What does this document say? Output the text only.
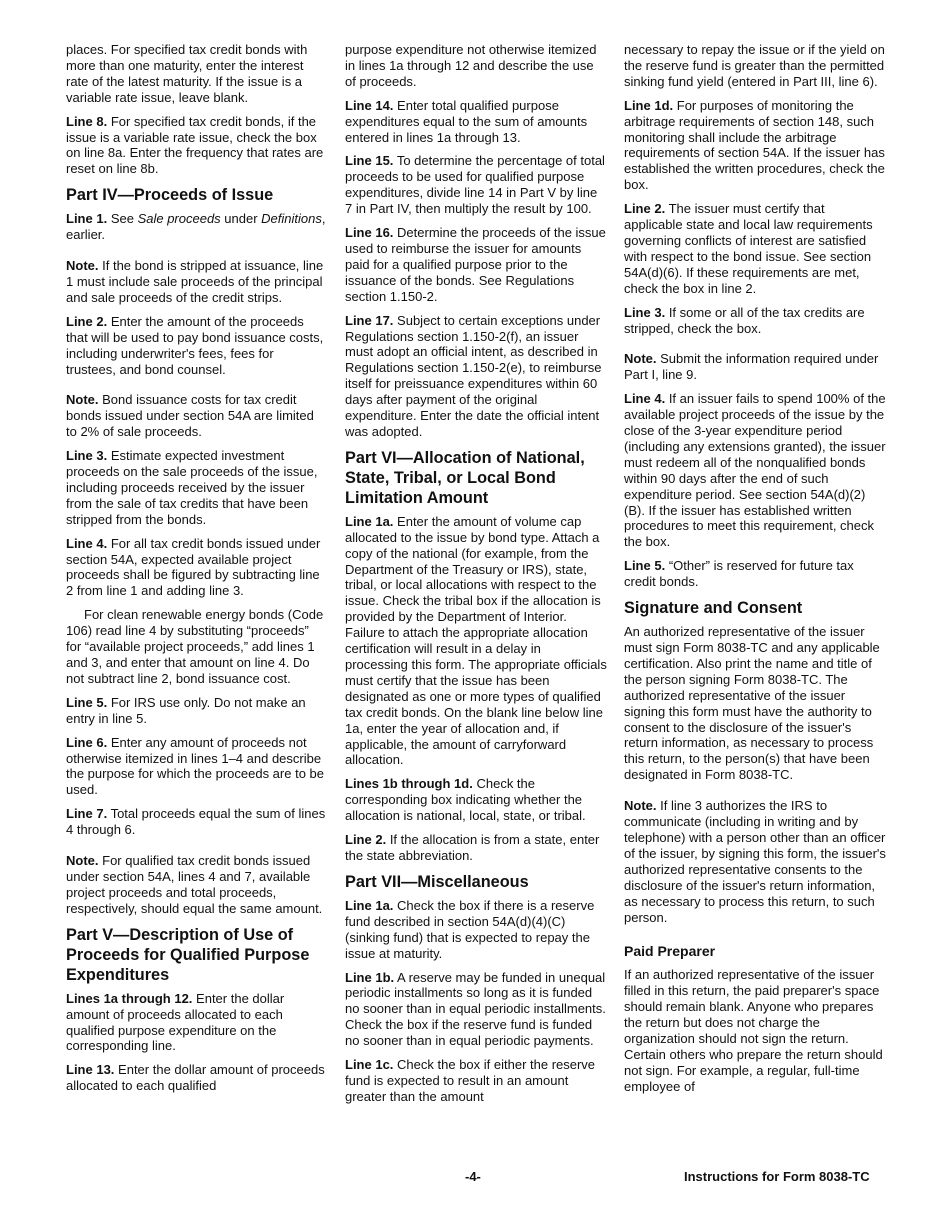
places. For specified tax credit bonds with more than one maturity, enter the interest rate of the latest maturity. If the issue is a variable rate issue, leave blank.

Line 8. For specified tax credit bonds, if the issue is a variable rate issue, check the box on line 8a. Enter the frequency that rates are reset on line 8b.

Part IV—Proceeds of Issue

Line 1. See Sale proceeds under Definitions, earlier.

Note. If the bond is stripped at issuance, line 1 must include sale proceeds of the principal and sale proceeds of the credit strips.

Line 2. Enter the amount of the proceeds that will be used to pay bond issuance costs, including underwriter's fees, fees for trustees, and bond counsel.

Note. Bond issuance costs for tax credit bonds issued under section 54A are limited to 2% of sale proceeds.

Line 3. Estimate expected investment proceeds on the sale proceeds of the issue, including proceeds received by the issuer from the sale of tax credits that have been stripped from the bonds.

Line 4. For all tax credit bonds issued under section 54A, expected available project proceeds shall be figured by subtracting line 2 from line 1 and adding line 3.

For clean renewable energy bonds (Code 106) read line 4 by substituting “proceeds” for “available project proceeds,” add lines 1 and 3, and enter that amount on line 4. Do not subtract line 2, bond issuance cost.

Line 5. For IRS use only. Do not make an entry in line 5.

Line 6. Enter any amount of proceeds not otherwise itemized in lines 1–4 and describe the purpose for which the proceeds are to be used.

Line 7. Total proceeds equal the sum of lines 4 through 6.

Note. For qualified tax credit bonds issued under section 54A, lines 4 and 7, available project proceeds and total proceeds, respectively, should equal the same amount.

Part V—Description of Use of Proceeds for Qualified Purpose Expenditures

Lines 1a through 12. Enter the dollar amount of proceeds allocated to each qualified purpose expenditure on the corresponding line.

Line 13. Enter the dollar amount of proceeds allocated to each qualified

purpose expenditure not otherwise itemized in lines 1a through 12 and describe the use of proceeds.

Line 14. Enter total qualified purpose expenditures equal to the sum of amounts entered in lines 1a through 13.

Line 15. To determine the percentage of total proceeds to be used for qualified purpose expenditures, divide line 14 in Part V by line 7 in Part IV, then multiply the result by 100.

Line 16. Determine the proceeds of the issue used to reimburse the issuer for amounts paid for a qualified purpose prior to the issuance of the bonds. See Regulations section 1.150-2.

Line 17. Subject to certain exceptions under Regulations section 1.150-2(f), an issuer must adopt an official intent, as described in Regulations section 1.150-2(e), to reimburse itself for preissuance expenditures within 60 days after payment of the original expenditure. Enter the date the official intent was adopted.

Part VI—Allocation of National, State, Tribal, or Local Bond Limitation Amount

Line 1a. Enter the amount of volume cap allocated to the issue by bond type. Attach a copy of the national (for example, from the Department of the Treasury or IRS), state, tribal, or local allocations with respect to the issue. Check the tribal box if the allocation is provided by the Department of Interior. Failure to attach the appropriate allocation certification will result in a delay in processing this form. The appropriate officials must certify that the issue has been designated as one or more types of qualified tax credit bonds. On the blank line below line 1a, enter the year of allocation and, if applicable, the amount of carryforward allocation.

Lines 1b through 1d. Check the corresponding box indicating whether the allocation is national, local, state, or tribal.

Line 2. If the allocation is from a state, enter the state abbreviation.

Part VII—Miscellaneous

Line 1a. Check the box if there is a reserve fund described in section 54A(d)(4)(C) (sinking fund) that is expected to repay the issue at maturity.

Line 1b. A reserve may be funded in unequal periodic installments so long as it is funded no sooner than in equal periodic installments. Check the box if the reserve fund is funded no sooner than in equal periodic payments.

Line 1c. Check the box if either the reserve fund is expected to result in an amount greater than the amount

necessary to repay the issue or if the yield on the reserve fund is greater than the permitted sinking fund yield (entered in Part III, line 6).

Line 1d. For purposes of monitoring the arbitrage requirements of section 148, such monitoring shall include the arbitrage requirements of section 54A. If the issuer has established the written procedures, check the box.

Line 2. The issuer must certify that applicable state and local law requirements governing conflicts of interest are satisfied with respect to the bond issue. See section 54A(d)(6). If these requirements are met, check the box in line 2.

Line 3. If some or all of the tax credits are stripped, check the box.

Note. Submit the information required under Part I, line 9.

Line 4. If an issuer fails to spend 100% of the available project proceeds of the issue by the close of the 3-year expenditure period (including any extensions granted), the issuer must redeem all of the nonqualified bonds within 90 days after the end of such expenditure period. See section 54A(d)(2)(B). If the issuer has established written procedures to meet this requirement, check the box.

Line 5. “Other” is reserved for future tax credit bonds.

Signature and Consent

An authorized representative of the issuer must sign Form 8038-TC and any applicable certification. Also print the name and title of the person signing Form 8038-TC. The authorized representative of the issuer signing this form must have the authority to consent to the disclosure of the issuer's return information, as necessary to process this return, to the person(s) that have been designated in Form 8038-TC.

Note. If line 3 authorizes the IRS to communicate (including in writing and by telephone) with a person other than an officer of the issuer, by signing this form, the issuer's authorized representative consents to the disclosure of the issuer's return information, as necessary to process this return, to such person.

Paid Preparer

If an authorized representative of the issuer filled in this return, the paid preparer's space should remain blank. Anyone who prepares the return but does not charge the organization should not sign the return. Certain others who prepare the return should not sign. For example, a regular, full-time employee of

-4-	Instructions for Form 8038-TC
